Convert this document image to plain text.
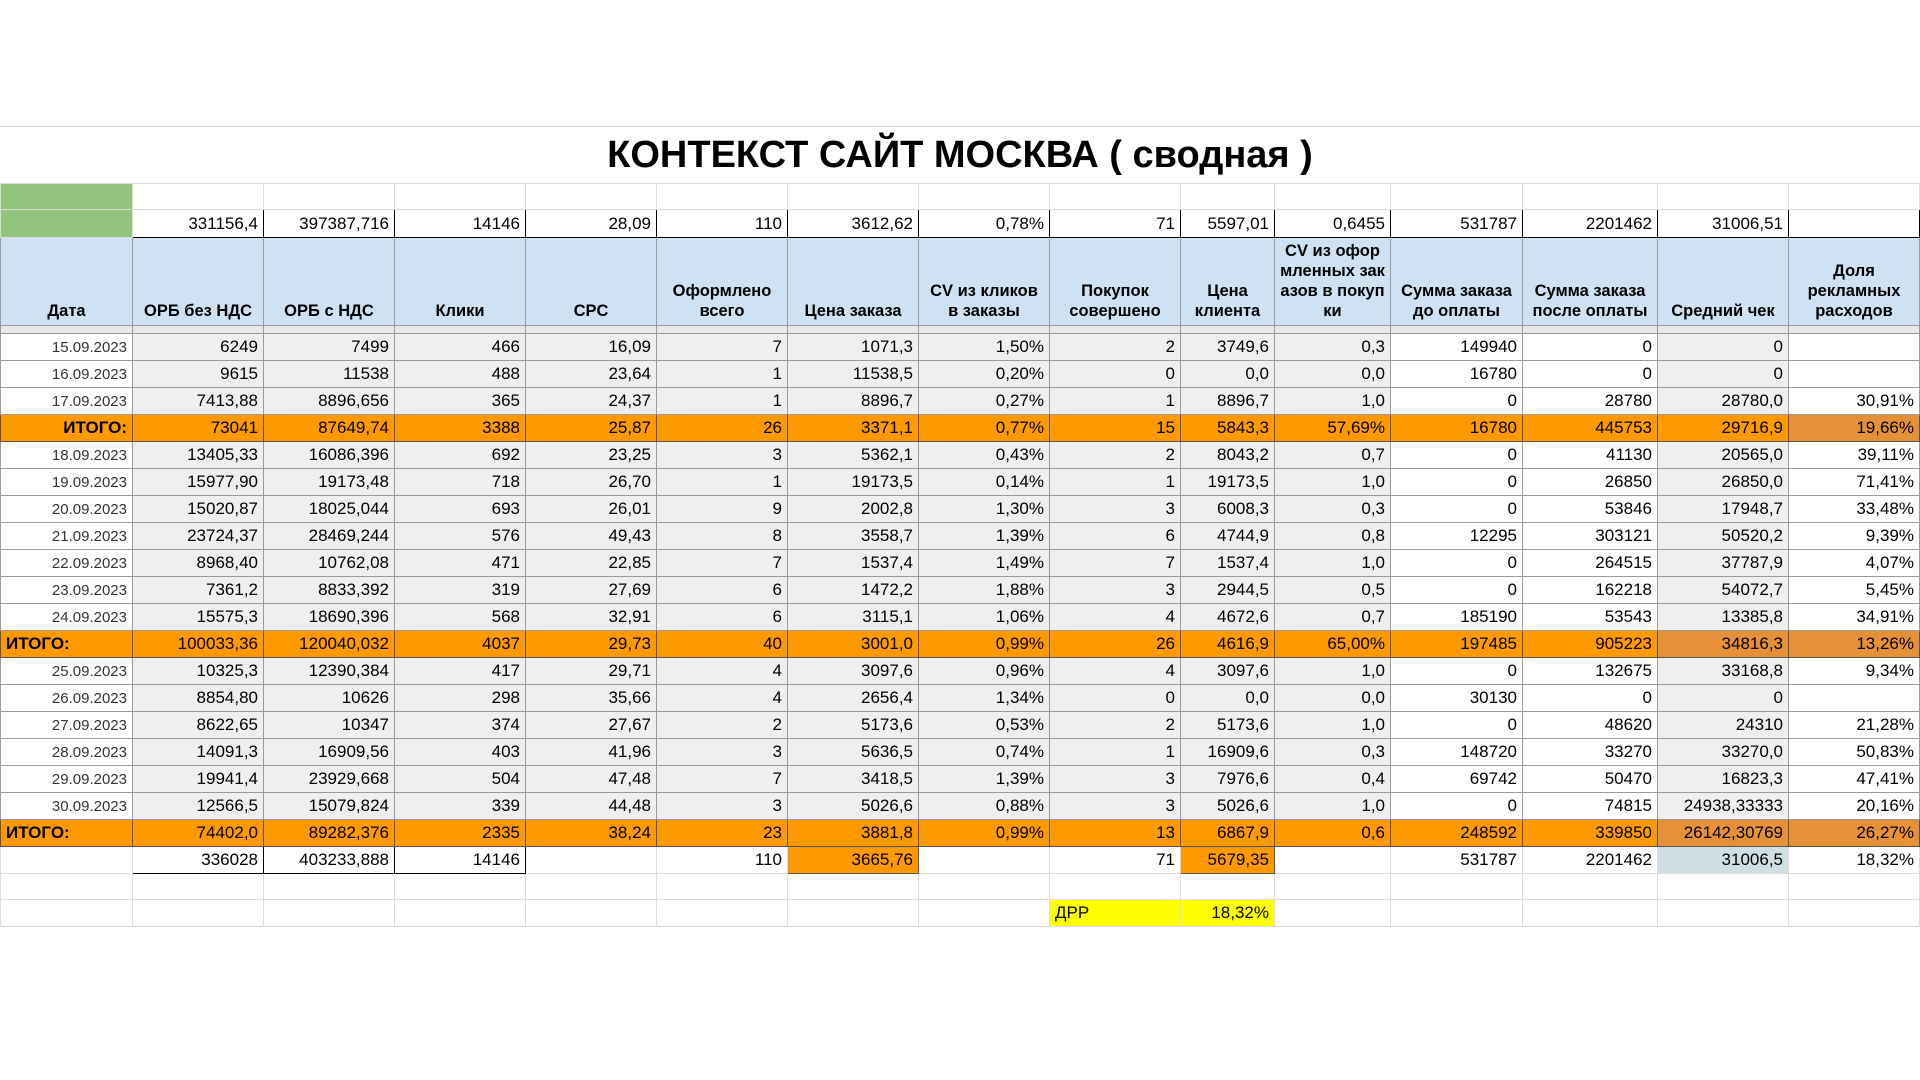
КОНТЕКСТ САЙТ МОСКВА ( сводная )

	331156,4	397387,716	14146	28,09	110	3612,62	0,78%	71	5597,01	0,6455	531787	2201462	31006,51	
Дата	ОРБ без НДС	ОРБ с НДС	Клики	CPC	Оформлено всего	Цена заказа	CV из кликов в заказы	Покупок совершено	Цена клиента	CV из оформленных заказов в покупки	Сумма заказа до оплаты	Сумма заказа после оплаты	Средний чек	Доля рекламных расходов

15.09.2023	6249	7499	466	16,09	7	1071,3	1,50%	2	3749,6	0,3	149940	0	0	
16.09.2023	9615	11538	488	23,64	1	11538,5	0,20%	0	0,0	0,0	16780	0	0	
17.09.2023	7413,88	8896,656	365	24,37	1	8896,7	0,27%	1	8896,7	1,0	0	28780	28780,0	30,91%
ИТОГО:	73041	87649,74	3388	25,87	26	3371,1	0,77%	15	5843,3	57,69%	16780	445753	29716,9	19,66%
18.09.2023	13405,33	16086,396	692	23,25	3	5362,1	0,43%	2	8043,2	0,7	0	41130	20565,0	39,11%
19.09.2023	15977,90	19173,48	718	26,70	1	19173,5	0,14%	1	19173,5	1,0	0	26850	26850,0	71,41%
20.09.2023	15020,87	18025,044	693	26,01	9	2002,8	1,30%	3	6008,3	0,3	0	53846	17948,7	33,48%
21.09.2023	23724,37	28469,244	576	49,43	8	3558,7	1,39%	6	4744,9	0,8	12295	303121	50520,2	9,39%
22.09.2023	8968,40	10762,08	471	22,85	7	1537,4	1,49%	7	1537,4	1,0	0	264515	37787,9	4,07%
23.09.2023	7361,2	8833,392	319	27,69	6	1472,2	1,88%	3	2944,5	0,5	0	162218	54072,7	5,45%
24.09.2023	15575,3	18690,396	568	32,91	6	3115,1	1,06%	4	4672,6	0,7	185190	53543	13385,8	34,91%
ИТОГО:	100033,36	120040,032	4037	29,73	40	3001,0	0,99%	26	4616,9	65,00%	197485	905223	34816,3	13,26%
25.09.2023	10325,3	12390,384	417	29,71	4	3097,6	0,96%	4	3097,6	1,0	0	132675	33168,8	9,34%
26.09.2023	8854,80	10626	298	35,66	4	2656,4	1,34%	0	0,0	0,0	30130	0	0	
27.09.2023	8622,65	10347	374	27,67	2	5173,6	0,53%	2	5173,6	1,0	0	48620	24310	21,28%
28.09.2023	14091,3	16909,56	403	41,96	3	5636,5	0,74%	1	16909,6	0,3	148720	33270	33270,0	50,83%
29.09.2023	19941,4	23929,668	504	47,48	7	3418,5	1,39%	3	7976,6	0,4	69742	50470	16823,3	47,41%
30.09.2023	12566,5	15079,824	339	44,48	3	5026,6	0,88%	3	5026,6	1,0	0	74815	24938,33333	20,16%
ИТОГО:	74402,0	89282,376	2335	38,24	23	3881,8	0,99%	13	6867,9	0,6	248592	339850	26142,30769	26,27%
	336028	403233,888	14146		110	3665,76		71	5679,35		531787	2201462	31006,5	18,32%

								ДРР	18,32%					
